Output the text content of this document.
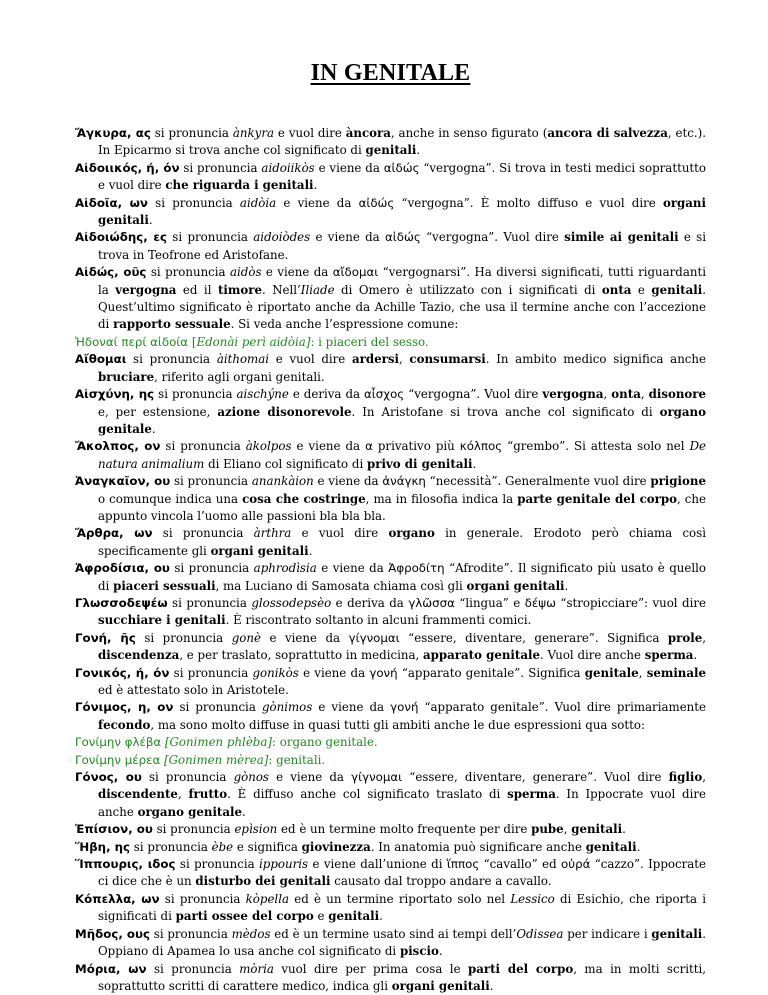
IN GENITALE
Ἄγκυρα, ας si pronuncia ànkyra e vuol dire àncora, anche in senso figurato (ancora di salvezza, etc.). In Epicarmo si trova anche col significato di genitali.
Αἰδοιικός, ή, όν si pronuncia aidoiikòs e viene da αἰδώς “vergogna”. Si trova in testi medici soprattutto e vuol dire che riguarda i genitali.
Αἰδοῖα, ων si pronuncia aidòia e viene da αἰδώς “vergogna”. È molto diffuso e vuol dire organi genitali.
Αἰδοιώδης, ες si pronuncia aidoiòdes e viene da αἰδώς “vergogna”. Vuol dire simile ai genitali e si trova in Teofrone ed Aristofane.
Αἰδώς, οῦς si pronuncia aidòs e viene da αἴδομαι “vergognarsi”. Ha diversi significati, tutti riguardanti la vergogna ed il timore. Nell’Iliade di Omero è utilizzato con i significati di onta e genitali. Quest’ultimo significato è riportato anche da Achille Tazio, che usa il termine anche con l’accezione di rapporto sessuale. Si veda anche l’espressione comune:
Ἡδοναί περί αἰδοία [Edonài perì aidòia]: i piaceri del sesso.
Αἴθομαι si pronuncia àithomai e vuol dire ardersi, consumarsi. In ambito medico significa anche bruciare, riferito agli organi genitali.
Αἰσχύνη, ης si pronuncia aischýne e deriva da αἶσχος “vergogna”. Vuol dire vergogna, onta, disonore e, per estensione, azione disonorevole. In Aristofane si trova anche col significato di organo genitale.
Ἄκολπος, ον si pronuncia àkolpos e viene da α privativo più κόλπος “grembo”. Si attesta solo nel De natura animalium di Eliano col significato di privo di genitali.
Ἀναγκαῖον, ου si pronuncia anankàion e viene da ἀνάγκη “necessità”. Generalmente vuol dire prigione o comunque indica una cosa che costringe, ma in filosofia indica la parte genitale del corpo, che appunto vincola l’uomo alle passioni bla bla bla.
Ἄρθρα, ων si pronuncia àrthra e vuol dire organo in generale. Erodoto però chiama così specificamente gli organi genitali.
Ἀφροδίσια, ου si pronuncia aphrodìsia e viene da Ἀφροδίτη “Afrodite”. Il significato più usato è quello di piaceri sessuali, ma Luciano di Samosata chiama così gli organi genitali.
Γλωσσοδεψέω si pronuncia glossodepsèo e deriva da γλῶσσα “lingua” e δέψω “stropicciare”: vuol dire succhiare i genitali. È riscontrato soltanto in alcuni frammenti comici.
Γονή, ῆς si pronuncia gonè e viene da γίγνομαι “essere, diventare, generare”. Significa prole, discendenza, e per traslato, soprattutto in medicina, apparato genitale. Vuol dire anche sperma.
Γονικός, ή, όν si pronuncia gonikòs e viene da γονή “apparato genitale”. Significa genitale, seminale ed è attestato solo in Aristotele.
Γόνιμος, η, ον si pronuncia gònimos e viene da γονή “apparato genitale”. Vuol dire primariamente fecondo, ma sono molto diffuse in quasi tutti gli ambiti anche le due espressioni qua sotto:
Γονίμην φλέβα [Gonimen phlèba]: organo genitale.
Γονίμην μέρεα [Gonimen mèrea]: genitali.
Γόνος, ου si pronuncia gònos e viene da γίγνομαι “essere, diventare, generare”. Vuol dire figlio, discendente, frutto. È diffuso anche col significato traslato di sperma. In Ippocrate vuol dire anche organo genitale.
Ἐπίσιον, ου si pronuncia epìsion ed è un termine molto frequente per dire pube, genitali.
Ἥβη, ης si pronuncia èbe e significa giovinezza. In anatomia può significare anche genitali.
Ἵππουρις, ιδος si pronuncia ippouris e viene dall’unione di ἵππος “cavallo” ed οὐρά “cazzo”. Ippocrate ci dice che è un disturbo dei genitali causato dal troppo andare a cavallo.
Κόπελλα, ων si pronuncia kòpella ed è un termine riportato solo nel Lessico di Esichio, che riporta i significati di parti ossee del corpo e genitali.
Μῆδος, ους si pronuncia mèdos ed è un termine usato sind ai tempi dell’Odissea per indicare i genitali. Oppiano di Apamea lo usa anche col significato di piscio.
Μόρια, ων si pronuncia mòria vuol dire per prima cosa le parti del corpo, ma in molti scritti, soprattutto scritti di carattere medico, indica gli organi genitali.
